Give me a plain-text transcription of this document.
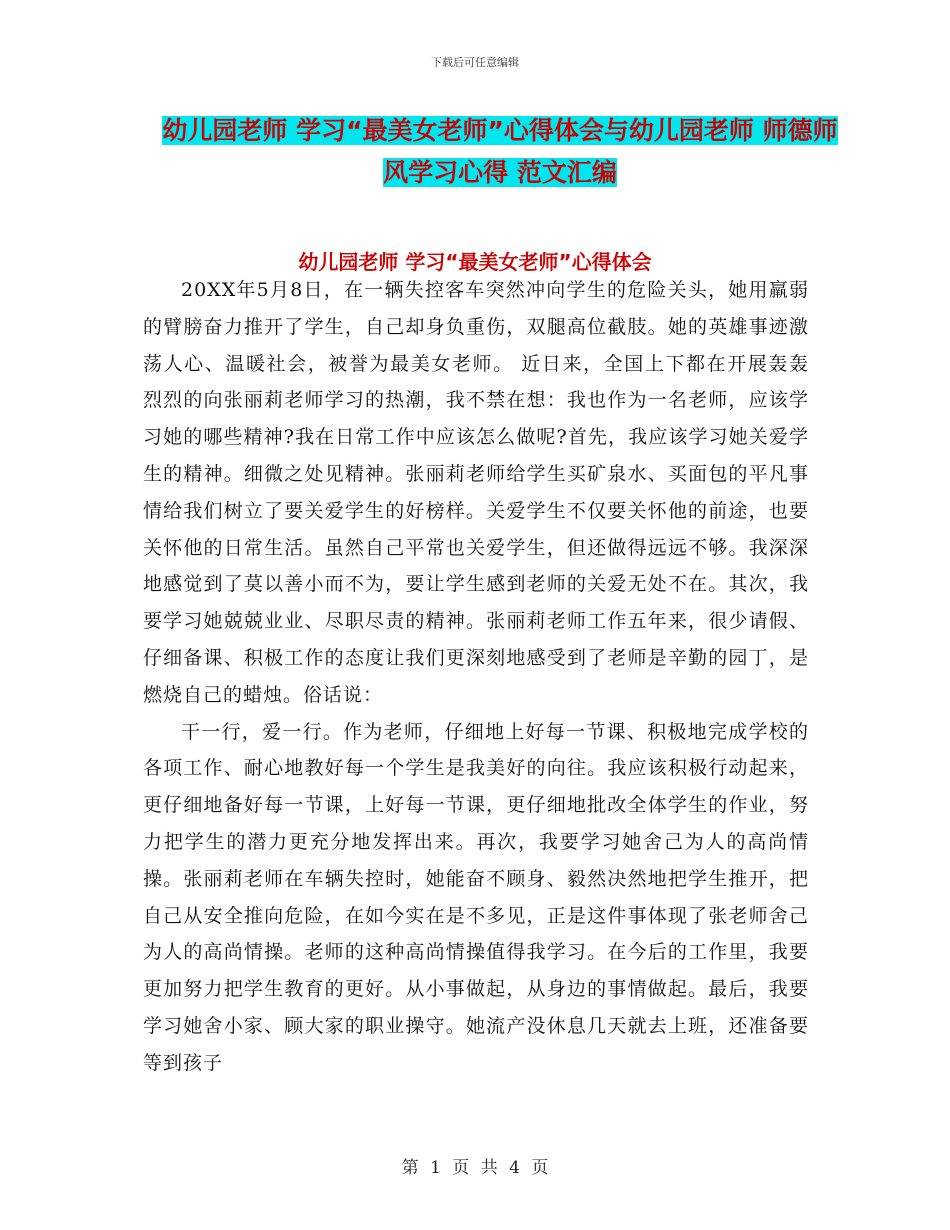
下载后可任意编辑
幼儿园老师 学习“最美女老师”心得体会与幼儿园老师 师德师风学习心得 范文汇编
幼儿园老师 学习“最美女老师”心得体会

20XX年5月8日，在一辆失控客车突然冲向学生的危险关头，她用羸弱的臂膀奋力推开了学生，自己却身负重伤，双腿高位截肢。她的英雄事迹激荡人心、温暖社会，被誉为最美女老师。 近日来，全国上下都在开展轰轰烈烈的向张丽莉老师学习的热潮，我不禁在想：我也作为一名老师，应该学习她的哪些精神?我在日常工作中应该怎么做呢?首先，我应该学习她关爱学生的精神。细微之处见精神。张丽莉老师给学生买矿泉水、买面包的平凡事情给我们树立了要关爱学生的好榜样。关爱学生不仅要关怀他的前途，也要关怀他的日常生活。虽然自己平常也关爱学生，但还做得远远不够。我深深地感觉到了莫以善小而不为，要让学生感到老师的关爱无处不在。其次，我要学习她兢兢业业、尽职尽责的精神。张丽莉老师工作五年来，很少请假、仔细备课、积极工作的态度让我们更深刻地感受到了老师是辛勤的园丁，是燃烧自己的蜡烛。俗话说：

干一行，爱一行。作为老师，仔细地上好每一节课、积极地完成学校的各项工作、耐心地教好每一个学生是我美好的向往。我应该积极行动起来，更仔细地备好每一节课，上好每一节课，更仔细地批改全体学生的作业，努力把学生的潜力更充分地发挥出来。再次，我要学习她舍己为人的高尚情操。张丽莉老师在车辆失控时，她能奋不顾身、毅然决然地把学生推开，把自己从安全推向危险，在如今实在是不多见，正是这件事体现了张老师舍己为人的高尚情操。老师的这种高尚情操值得我学习。在今后的工作里，我要更加努力把学生教育的更好。从小事做起，从身边的事情做起。最后，我要学习她舍小家、顾大家的职业操守。她流产没休息几天就去上班，还准备要等到孩子

第 1 页 共 4 页
